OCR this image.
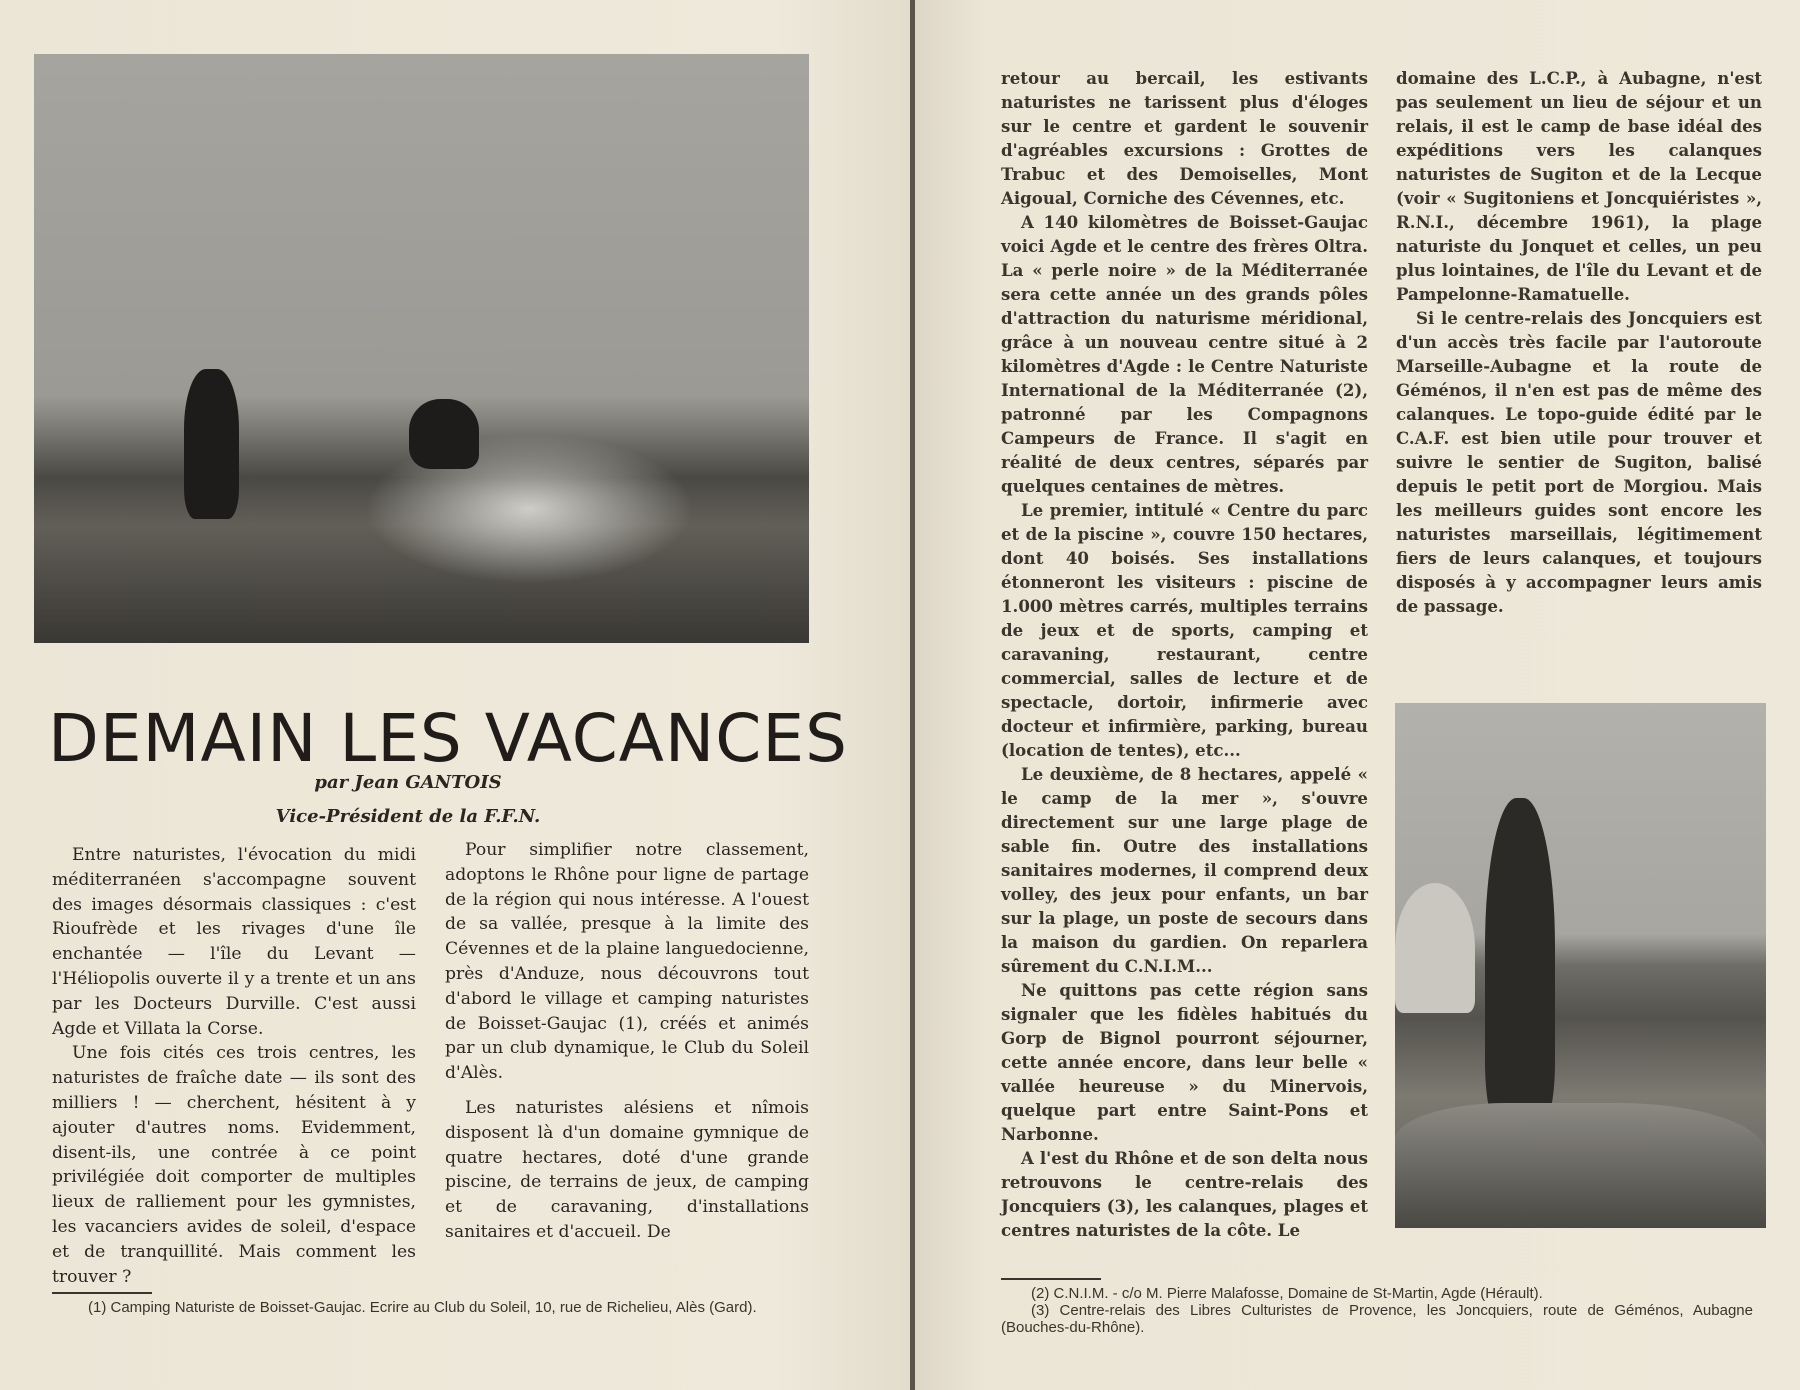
DEMAIN LES VACANCES
par Jean GANTOIS
Vice-Président de la F.F.N.

Entre naturistes, l'évocation du midi méditerranéen s'accompagne souvent des images désormais classiques : c'est Rioufrède et les rivages d'une île enchantée — l'île du Levant — l'Héliopolis ouverte il y a trente et un ans par les Docteurs Durville. C'est aussi Agde et Villata la Corse.

Une fois cités ces trois centres, les naturistes de fraîche date — ils sont des milliers ! — cherchent, hésitent à y ajouter d'autres noms. Evidemment, disent-ils, une contrée à ce point privilégiée doit comporter de multiples lieux de ralliement pour les gymnistes, les vacanciers avides de soleil, d'espace et de tranquillité. Mais comment les trouver ?

Pour simplifier notre classement, adoptons le Rhône pour ligne de partage de la région qui nous intéresse. A l'ouest de sa vallée, presque à la limite des Cévennes et de la plaine languedocienne, près d'Anduze, nous découvrons tout d'abord le village et camping naturistes de Boisset-Gaujac (1), créés et animés par un club dynamique, le Club du Soleil d'Alès.

Les naturistes alésiens et nîmois disposent là d'un domaine gymnique de quatre hectares, doté d'une grande piscine, de terrains de jeux, de camping et de caravaning, d'installations sanitaires et d'accueil. De

(1) Camping Naturiste de Boisset-Gaujac. Ecrire au Club du Soleil, 10, rue de Richelieu, Alès (Gard).

retour au bercail, les estivants naturistes ne tarissent plus d'éloges sur le centre et gardent le souvenir d'agréables excursions : Grottes de Trabuc et des Demoiselles, Mont Aigoual, Corniche des Cévennes, etc.

A 140 kilomètres de Boisset-Gaujac voici Agde et le centre des frères Oltra. La « perle noire » de la Méditerranée sera cette année un des grands pôles d'attraction du naturisme méridional, grâce à un nouveau centre situé à 2 kilomètres d'Agde : le Centre Naturiste International de la Méditerranée (2), patronné par les Compagnons Campeurs de France. Il s'agit en réalité de deux centres, séparés par quelques centaines de mètres.

Le premier, intitulé « Centre du parc et de la piscine », couvre 150 hectares, dont 40 boisés. Ses installations étonneront les visiteurs : piscine de 1.000 mètres carrés, multiples terrains de jeux et de sports, camping et caravaning, restaurant, centre commercial, salles de lecture et de spectacle, dortoir, infirmerie avec docteur et infirmière, parking, bureau (location de tentes), etc...

Le deuxième, de 8 hectares, appelé « le camp de la mer », s'ouvre directement sur une large plage de sable fin. Outre des installations sanitaires modernes, il comprend deux volley, des jeux pour enfants, un bar sur la plage, un poste de secours dans la maison du gardien. On reparlera sûrement du C.N.I.M...

Ne quittons pas cette région sans signaler que les fidèles habitués du Gorp de Bignol pourront séjourner, cette année encore, dans leur belle « vallée heureuse » du Minervois, quelque part entre Saint-Pons et Narbonne.

A l'est du Rhône et de son delta nous retrouvons le centre-relais des Joncquiers (3), les calanques, plages et centres naturistes de la côte. Le

domaine des L.C.P., à Aubagne, n'est pas seulement un lieu de séjour et un relais, il est le camp de base idéal des expéditions vers les calanques naturistes de Sugiton et de la Lecque (voir « Sugitoniens et Joncquiéristes », R.N.I., décembre 1961), la plage naturiste du Jonquet et celles, un peu plus lointaines, de l'île du Levant et de Pampelonne-Ramatuelle.

Si le centre-relais des Joncquiers est d'un accès très facile par l'autoroute Marseille-Aubagne et la route de Géménos, il n'en est pas de même des calanques. Le topo-guide édité par le C.A.F. est bien utile pour trouver et suivre le sentier de Sugiton, balisé depuis le petit port de Morgiou. Mais les meilleurs guides sont encore les naturistes marseillais, légitimement fiers de leurs calanques, et toujours disposés à y accompagner leurs amis de passage.

(2) C.N.I.M. - c/o M. Pierre Malafosse, Domaine de St-Martin, Agde (Hérault).

(3) Centre-relais des Libres Culturistes de Provence, les Joncquiers, route de Géménos, Aubagne (Bouches-du-Rhône).
